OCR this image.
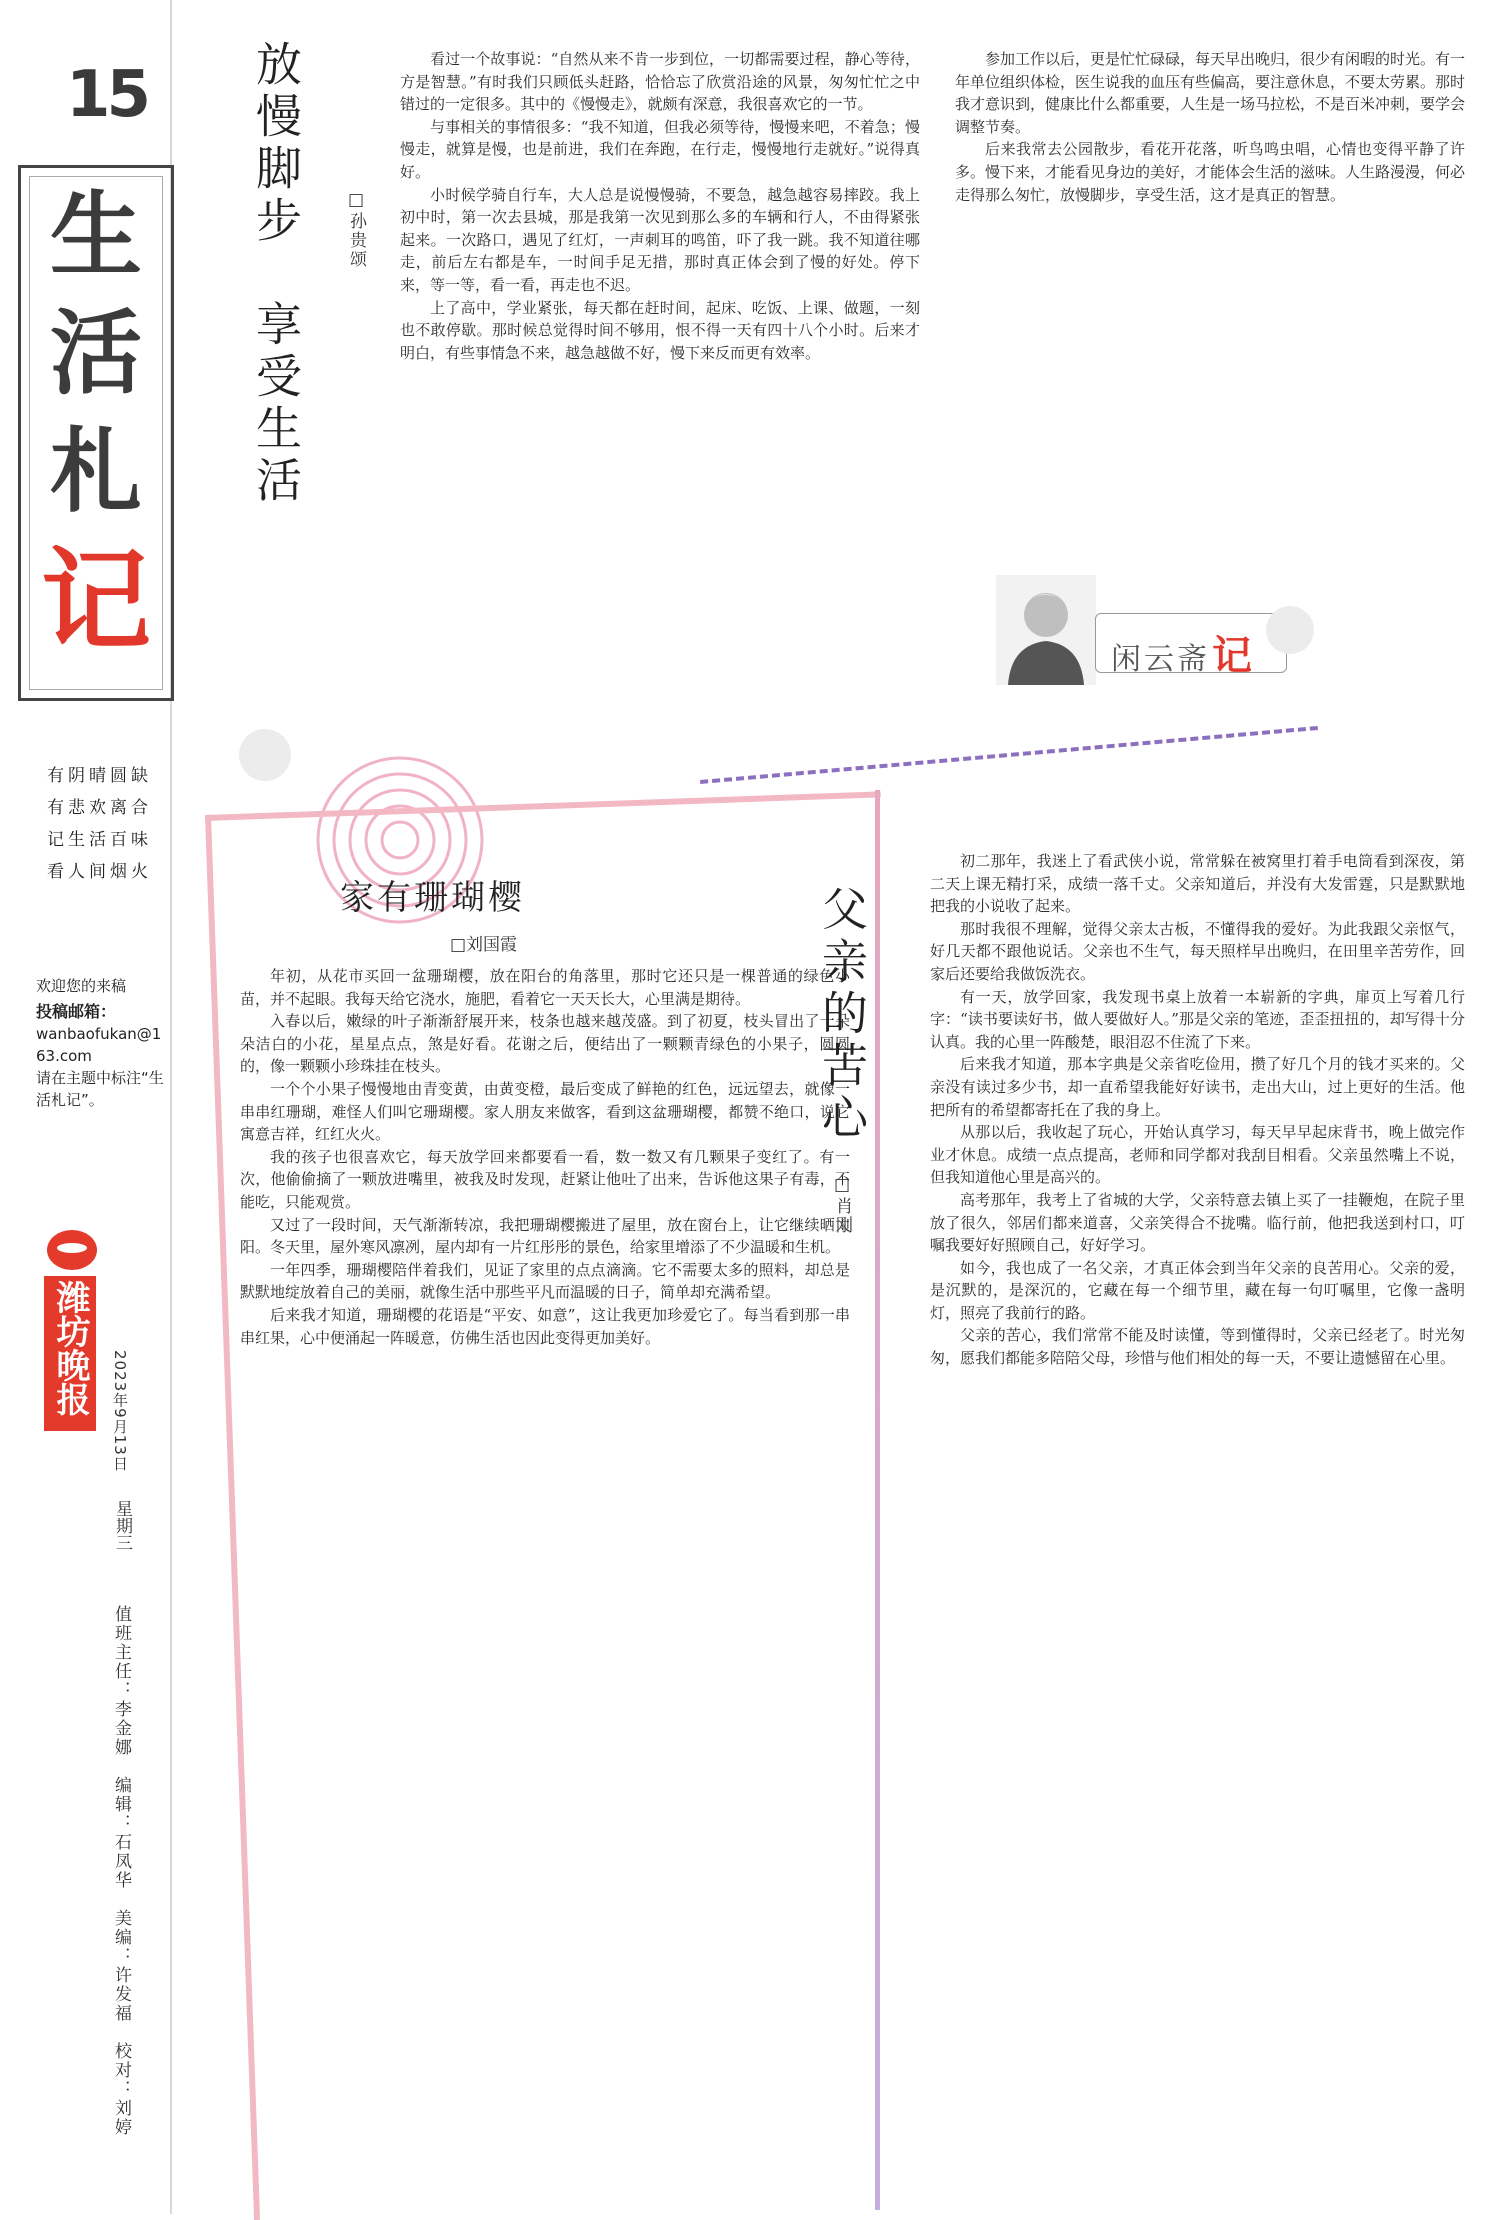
15
生
活
札
记
有阴晴圆缺
有悲欢离合
记生活百味
看人间烟火
欢迎您的来稿
投稿邮箱：
wanbaofukan@163.com
请在主题中标注“生活札记”。
潍坊晚报	2023年9月13日
星期三
值班主任：李金娜　编辑：石凤华　美编：许发福　校对：刘婷
放慢脚步　享受生活	□孙贵颂

看过一个故事说：“自然从来不肯一步到位，一切都需要过程，静心等待，方是智慧。”有时我们只顾低头赶路，恰恰忘了欣赏沿途的风景，匆匆忙忙之中错过的一定很多。其中的《慢慢走》，就颇有深意，我很喜欢它的一节。

与事相关的事情很多：“我不知道，但我必须等待，慢慢来吧，不着急；慢慢走，就算是慢，也是前进，我们在奔跑，在行走，慢慢地行走就好。”说得真好。

小时候学骑自行车，大人总是说慢慢骑，不要急，越急越容易摔跤。我上初中时，第一次去县城，那是我第一次见到那么多的车辆和行人，不由得紧张起来。一次路口，遇见了红灯，一声刺耳的鸣笛，吓了我一跳。我不知道往哪走，前后左右都是车，一时间手足无措，那时真正体会到了慢的好处。停下来，等一等，看一看，再走也不迟。

上了高中，学业紧张，每天都在赶时间，起床、吃饭、上课、做题，一刻也不敢停歇。那时候总觉得时间不够用，恨不得一天有四十八个小时。后来才明白，有些事情急不来，越急越做不好，慢下来反而更有效率。

参加工作以后，更是忙忙碌碌，每天早出晚归，很少有闲暇的时光。有一年单位组织体检，医生说我的血压有些偏高，要注意休息，不要太劳累。那时我才意识到，健康比什么都重要，人生是一场马拉松，不是百米冲刺，要学会调整节奏。

后来我常去公园散步，看花开花落，听鸟鸣虫唱，心情也变得平静了许多。慢下来，才能看见身边的美好，才能体会生活的滋味。人生路漫漫，何必走得那么匆忙，放慢脚步，享受生活，这才是真正的智慧。

闲云斋记
家有珊瑚樱
□刘国霞

年初，从花市买回一盆珊瑚樱，放在阳台的角落里，那时它还只是一棵普通的绿色小苗，并不起眼。我每天给它浇水，施肥，看着它一天天长大，心里满是期待。

入春以后，嫩绿的叶子渐渐舒展开来，枝条也越来越茂盛。到了初夏，枝头冒出了一朵朵洁白的小花，星星点点，煞是好看。花谢之后，便结出了一颗颗青绿色的小果子，圆圆的，像一颗颗小珍珠挂在枝头。

一个个小果子慢慢地由青变黄，由黄变橙，最后变成了鲜艳的红色，远远望去，就像一串串红珊瑚，难怪人们叫它珊瑚樱。家人朋友来做客，看到这盆珊瑚樱，都赞不绝口，说它寓意吉祥，红红火火。

我的孩子也很喜欢它，每天放学回来都要看一看，数一数又有几颗果子变红了。有一次，他偷偷摘了一颗放进嘴里，被我及时发现，赶紧让他吐了出来，告诉他这果子有毒，不能吃，只能观赏。

又过了一段时间，天气渐渐转凉，我把珊瑚樱搬进了屋里，放在窗台上，让它继续晒太阳。冬天里，屋外寒风凛冽，屋内却有一片红彤彤的景色，给家里增添了不少温暖和生机。

一年四季，珊瑚樱陪伴着我们，见证了家里的点点滴滴。它不需要太多的照料，却总是默默地绽放着自己的美丽，就像生活中那些平凡而温暖的日子，简单却充满希望。

后来我才知道，珊瑚樱的花语是“平安、如意”，这让我更加珍爱它了。每当看到那一串串红果，心中便涌起一阵暖意，仿佛生活也因此变得更加美好。

父亲的苦心
□肖刚

初二那年，我迷上了看武侠小说，常常躲在被窝里打着手电筒看到深夜，第二天上课无精打采，成绩一落千丈。父亲知道后，并没有大发雷霆，只是默默地把我的小说收了起来。

那时我很不理解，觉得父亲太古板，不懂得我的爱好。为此我跟父亲怄气，好几天都不跟他说话。父亲也不生气，每天照样早出晚归，在田里辛苦劳作，回家后还要给我做饭洗衣。

有一天，放学回家，我发现书桌上放着一本崭新的字典，扉页上写着几行字：“读书要读好书，做人要做好人。”那是父亲的笔迹，歪歪扭扭的，却写得十分认真。我的心里一阵酸楚，眼泪忍不住流了下来。

后来我才知道，那本字典是父亲省吃俭用，攒了好几个月的钱才买来的。父亲没有读过多少书，却一直希望我能好好读书，走出大山，过上更好的生活。他把所有的希望都寄托在了我的身上。

从那以后，我收起了玩心，开始认真学习，每天早早起床背书，晚上做完作业才休息。成绩一点点提高，老师和同学都对我刮目相看。父亲虽然嘴上不说，但我知道他心里是高兴的。

高考那年，我考上了省城的大学，父亲特意去镇上买了一挂鞭炮，在院子里放了很久，邻居们都来道喜，父亲笑得合不拢嘴。临行前，他把我送到村口，叮嘱我要好好照顾自己，好好学习。

如今，我也成了一名父亲，才真正体会到当年父亲的良苦用心。父亲的爱，是沉默的，是深沉的，它藏在每一个细节里，藏在每一句叮嘱里，它像一盏明灯，照亮了我前行的路。

父亲的苦心，我们常常不能及时读懂，等到懂得时，父亲已经老了。时光匆匆，愿我们都能多陪陪父母，珍惜与他们相处的每一天，不要让遗憾留在心里。
